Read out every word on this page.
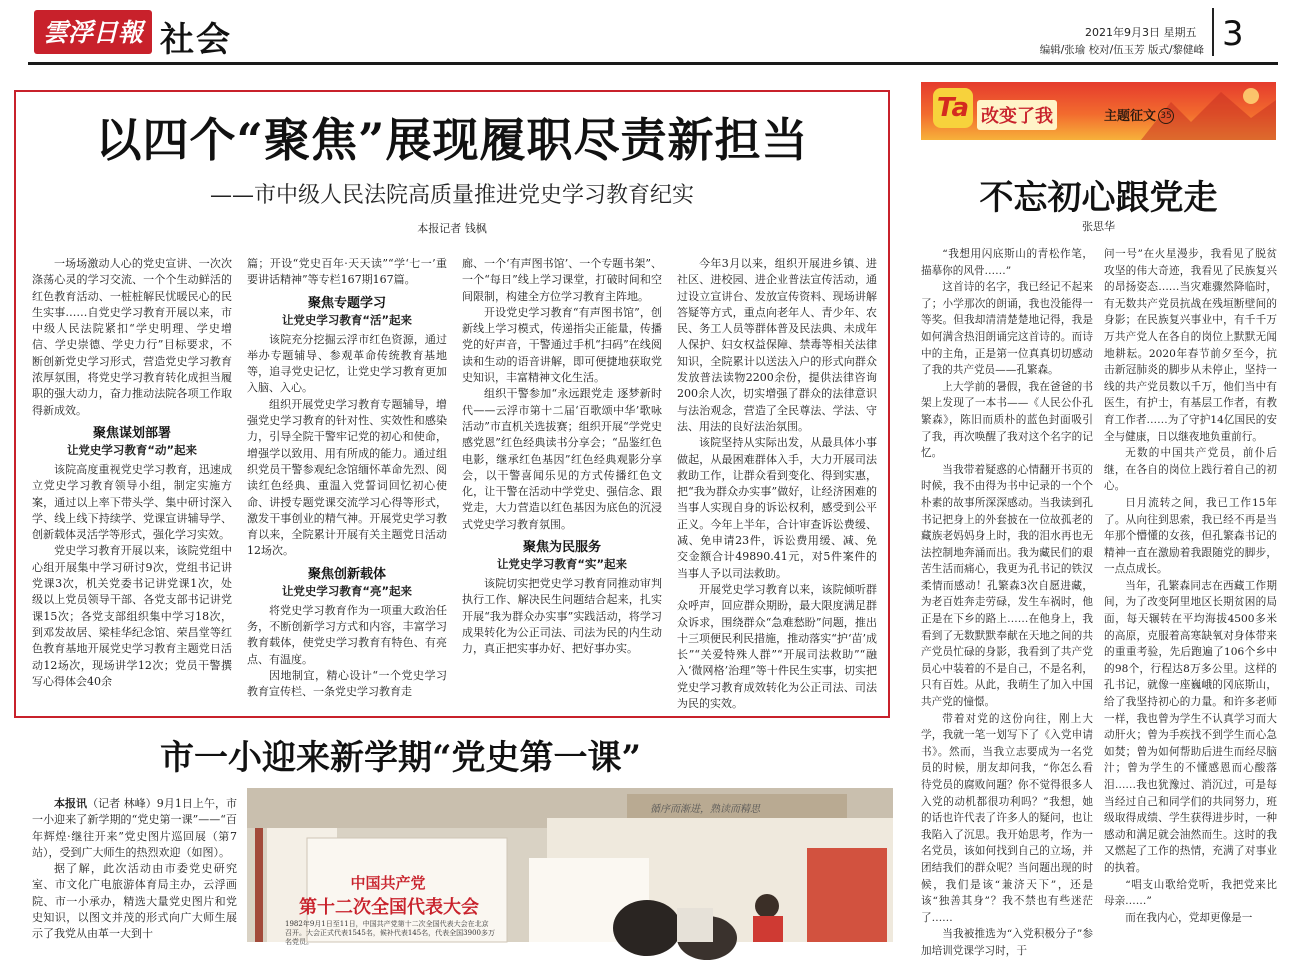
雲浮日報 社会	2021年9月3日 星期五
编辑/张瑜 校对/伍玉芳 版式/黎健峰 3
以四个“聚焦”展现履职尽责新担当
——市中级人民法院高质量推进党史学习教育纪实
本报记者 钱枫

一场场激动人心的党史宣讲、一次次涤荡心灵的学习交流、一个个生动鲜活的红色教育活动、一桩桩解民忧暖民心的民生实事……自党史学习教育开展以来，市中级人民法院紧扣“学史明理、学史增信、学史崇德、学史力行”目标要求，不断创新党史学习形式，营造党史学习教育浓厚氛围，将党史学习教育转化成担当履职的强大动力，奋力推动法院各项工作取得新成效。

聚焦谋划部署
让党史学习教育“动”起来

该院高度重视党史学习教育，迅速成立党史学习教育领导小组，制定实施方案，通过以上率下带头学、集中研讨深入学、线上线下持续学、党课宣讲辅导学、创新载体灵活学等形式，强化学习实效。

党史学习教育开展以来，该院党组中心组开展集中学习研讨9次，党组书记讲党课3次，机关党委书记讲党课1次，处级以上党员领导干部、各党支部书记讲党课15次；各党支部组织集中学习18次，到邓发故居、梁桂华纪念馆、荣昌堂等红色教育基地开展党史学习教育主题党日活动12场次，现场讲学12次；党员干警撰写心得体会40余

篇；开设“党史百年·天天读”“学‘七一’重要讲话精神”等专栏167期167篇。

聚焦专题学习
让党史学习教育“活”起来

该院充分挖掘云浮市红色资源，通过举办专题辅导、参观革命传统教育基地等，追寻党史记忆，让党史学习教育更加入脑、入心。

组织开展党史学习教育专题辅导，增强党史学习教育的针对性、实效性和感染力，引导全院干警牢记党的初心和使命，增强学以致用、用有所成的能力。通过组织党员干警参观纪念馆缅怀革命先烈、阅读红色经典、重温入党誓词回忆初心使命、讲授专题党课交流学习心得等形式，激发干事创业的精气神。开展党史学习教育以来，全院累计开展有关主题党日活动12场次。

聚焦创新载体
让党史学习教育“亮”起来

将党史学习教育作为一项重大政治任务，不断创新学习方式和内容，丰富学习教育载体，使党史学习教育有特色、有亮点、有温度。

因地制宜，精心设计“一个党史学习教育宣传栏、一条党史学习教育走

廊、一个‘有声图书馆’、一个专题书架”、一个“每日”线上学习课堂，打破时间和空间限制，构建全方位学习教育主阵地。

开设党史学习教育“有声图书馆”，创新线上学习模式，传递指尖正能量，传播党的好声音，干警通过手机“扫码”在线阅读和生动的语音讲解，即可便捷地获取党史知识，丰富精神文化生活。

组织干警参加“永远跟党走 逐梦新时代——云浮市第十二届‘百歌颂中华’歌咏活动”市直机关选拔赛；组织开展“学党史 感党恩”红色经典读书分享会；“品鉴红色电影，继承红色基因”红色经典观影分享会，以干警喜闻乐见的方式传播红色文化，让干警在活动中学党史、强信念、跟党走，大力营造以红色基因为底色的沉浸式党史学习教育氛围。

聚焦为民服务
让党史学习教育“实”起来

该院切实把党史学习教育同推动审判执行工作、解决民生问题结合起来，扎实开展“我为群众办实事”实践活动，将学习成果转化为公正司法、司法为民的内生动力，真正把实事办好、把好事办实。

今年3月以来，组织开展进乡镇、进社区、进校园、进企业普法宣传活动，通过设立宣讲台、发放宣传资料、现场讲解答疑等方式，重点向老年人、青少年、农民、务工人员等群体普及民法典、未成年人保护、妇女权益保障、禁毒等相关法律知识，全院累计以送法入户的形式向群众发放普法读物2200余份，提供法律咨询200余人次，切实增强了群众的法律意识与法治观念，营造了全民尊法、学法、守法、用法的良好法治氛围。

该院坚持从实际出发，从最具体小事做起，从最困难群体入手，大力开展司法救助工作，让群众看到变化、得到实惠，把“我为群众办实事”做好，让经济困难的当事人实现自身的诉讼权利，感受到公平正义。今年上半年，合计审查诉讼费缓、减、免申请23件，诉讼费用缓、减、免交金额合计49890.41元，对5件案件的当事人予以司法救助。

开展党史学习教育以来，该院倾听群众呼声，回应群众期盼，最大限度满足群众诉求，围绕群众“急难愁盼”问题，推出十三项便民利民措施，推动落实“护‘苗’成长”“关爱特殊人群”“开展司法救助”“融入‘微网格’治理”等十件民生实事，切实把党史学习教育成效转化为公正司法、司法为民的实效。

市一小迎来新学期“党史第一课”

本报讯（记者 林峰）9月1日上午，市一小迎来了新学期的“党史第一课”——“百年辉煌·继往开来”党史图片巡回展（第7站），受到广大师生的热烈欢迎（如图）。

据了解，此次活动由市委党史研究室、市文化广电旅游体育局主办，云浮画院、市一小承办，精选大量党史图片和党史知识，以图文并茂的形式向广大师生展示了我党从由革一大到十

循序而渐进，熟读而精思
中国共产党
第十二次全国代表大会
1982年9月1日至11日，中国共产党第十二次全国代表大会在北京召开。大会正式代表1545名，候补代表145名，代表全国3900多万名党员。
Ta 改变了我	主题征文 35
不忘初心跟党走
张思华

“我想用闪底斯山的青松作笔，描摹你的风骨……”

这首诗的名字，我已经记不起来了；小学那次的朗诵，我也没能得一等奖。但我却清清楚楚地记得，我是如何满含热泪朗诵完这首诗的。而诗中的主角，正是第一位真真切切感动了我的共产党员——孔繁森。

上大学前的暑假，我在爸爸的书架上发现了一本书——《人民公仆孔繁森》，陈旧而质朴的蓝色封面吸引了我，再次唤醒了我对这个名字的记忆。

当我带着疑惑的心情翻开书页的时候，我不由得为书中记录的一个个朴素的故事所深深感动。当我读到孔书记把身上的外套披在一位故孤老的藏族老妈妈身上时，我的泪水再也无法控制地奔涌而出。我为藏民们的艰苦生活而痛心，我更为孔书记的铁汉柔情而感动！孔繁森3次自愿进藏，为老百姓奔走劳碌，发生车祸时，他正是在下乡的路上……在他身上，我看到了无数默默奉献在天地之间的共产党员忙碌的身影，我看到了共产党员心中装着的不是自己，不是名利，只有百姓。从此，我萌生了加入中国共产党的憧憬。

带着对党的这份向往，刚上大学，我就一笔一划写下了《入党申请书》。然而，当我立志要成为一名党员的时候，朋友却问我，“你怎么看待党员的腐败问题？你不觉得很多人入党的动机都很功利吗？”我想，她的话也许代表了许多人的疑问，也让我陷入了沉思。我开始思考，作为一名党员，该如何找到自己的立场，并团结我们的群众呢？当问题出现的时候，我们是该“兼济天下”，还是该“独善其身”？我不禁也有些迷茫了……

当我被推选为“入党积极分子”参加培训党课学习时，于

问一号”在火星漫步，我看见了脱贫攻坚的伟大奇迹，我看见了民族复兴的昂扬姿态……当灾难骤然降临时，有无数共产党员抗战在残垣断壁间的身影；在民族复兴事业中，有千千万万共产党人在各自的岗位上默默无闻地耕耘。2020年春节前夕至今，抗击新冠肺炎的脚步从未停止，坚持一线的共产党员数以千万，他们当中有医生，有护士，有基层工作者，有教育工作者……为了守护14亿国民的安全与健康，日以继夜地负重前行。

无数的中国共产党员，前仆后继，在各自的岗位上践行着自己的初心。

日月流转之间，我已工作15年了。从向往到思索，我已经不再是当年那个懵懂的女孩，但孔繁森书记的精神一直在激励着我跟随党的脚步，一点点成长。

当年，孔繁森同志在西藏工作期间，为了改变阿里地区长期贫困的局面，每天辗转在平均海拔4500多米的高原，克服着高寒缺氧对身体带来的重重考验，先后跑遍了106个乡中的98个，行程达8万多公里。这样的孔书记，就像一座巍峨的冈底斯山，给了我坚持初心的力量。和许多老师一样，我也曾为学生不认真学习而大动肝火；曾为手疾找不到学生而心急如焚；曾为如何帮助后进生而经尽脑汁；曾为学生的不懂感恩而心酸落泪……我也犹豫过、消沉过，可是每当经过自己和同学们的共同努力，班级取得成绩、学生获得进步时，一种感动和满足就会油然而生。这时的我又燃起了工作的热情，充满了对事业的执着。

“唱支山歌给党听，我把党来比母亲……”

而在我内心，党却更像是一
